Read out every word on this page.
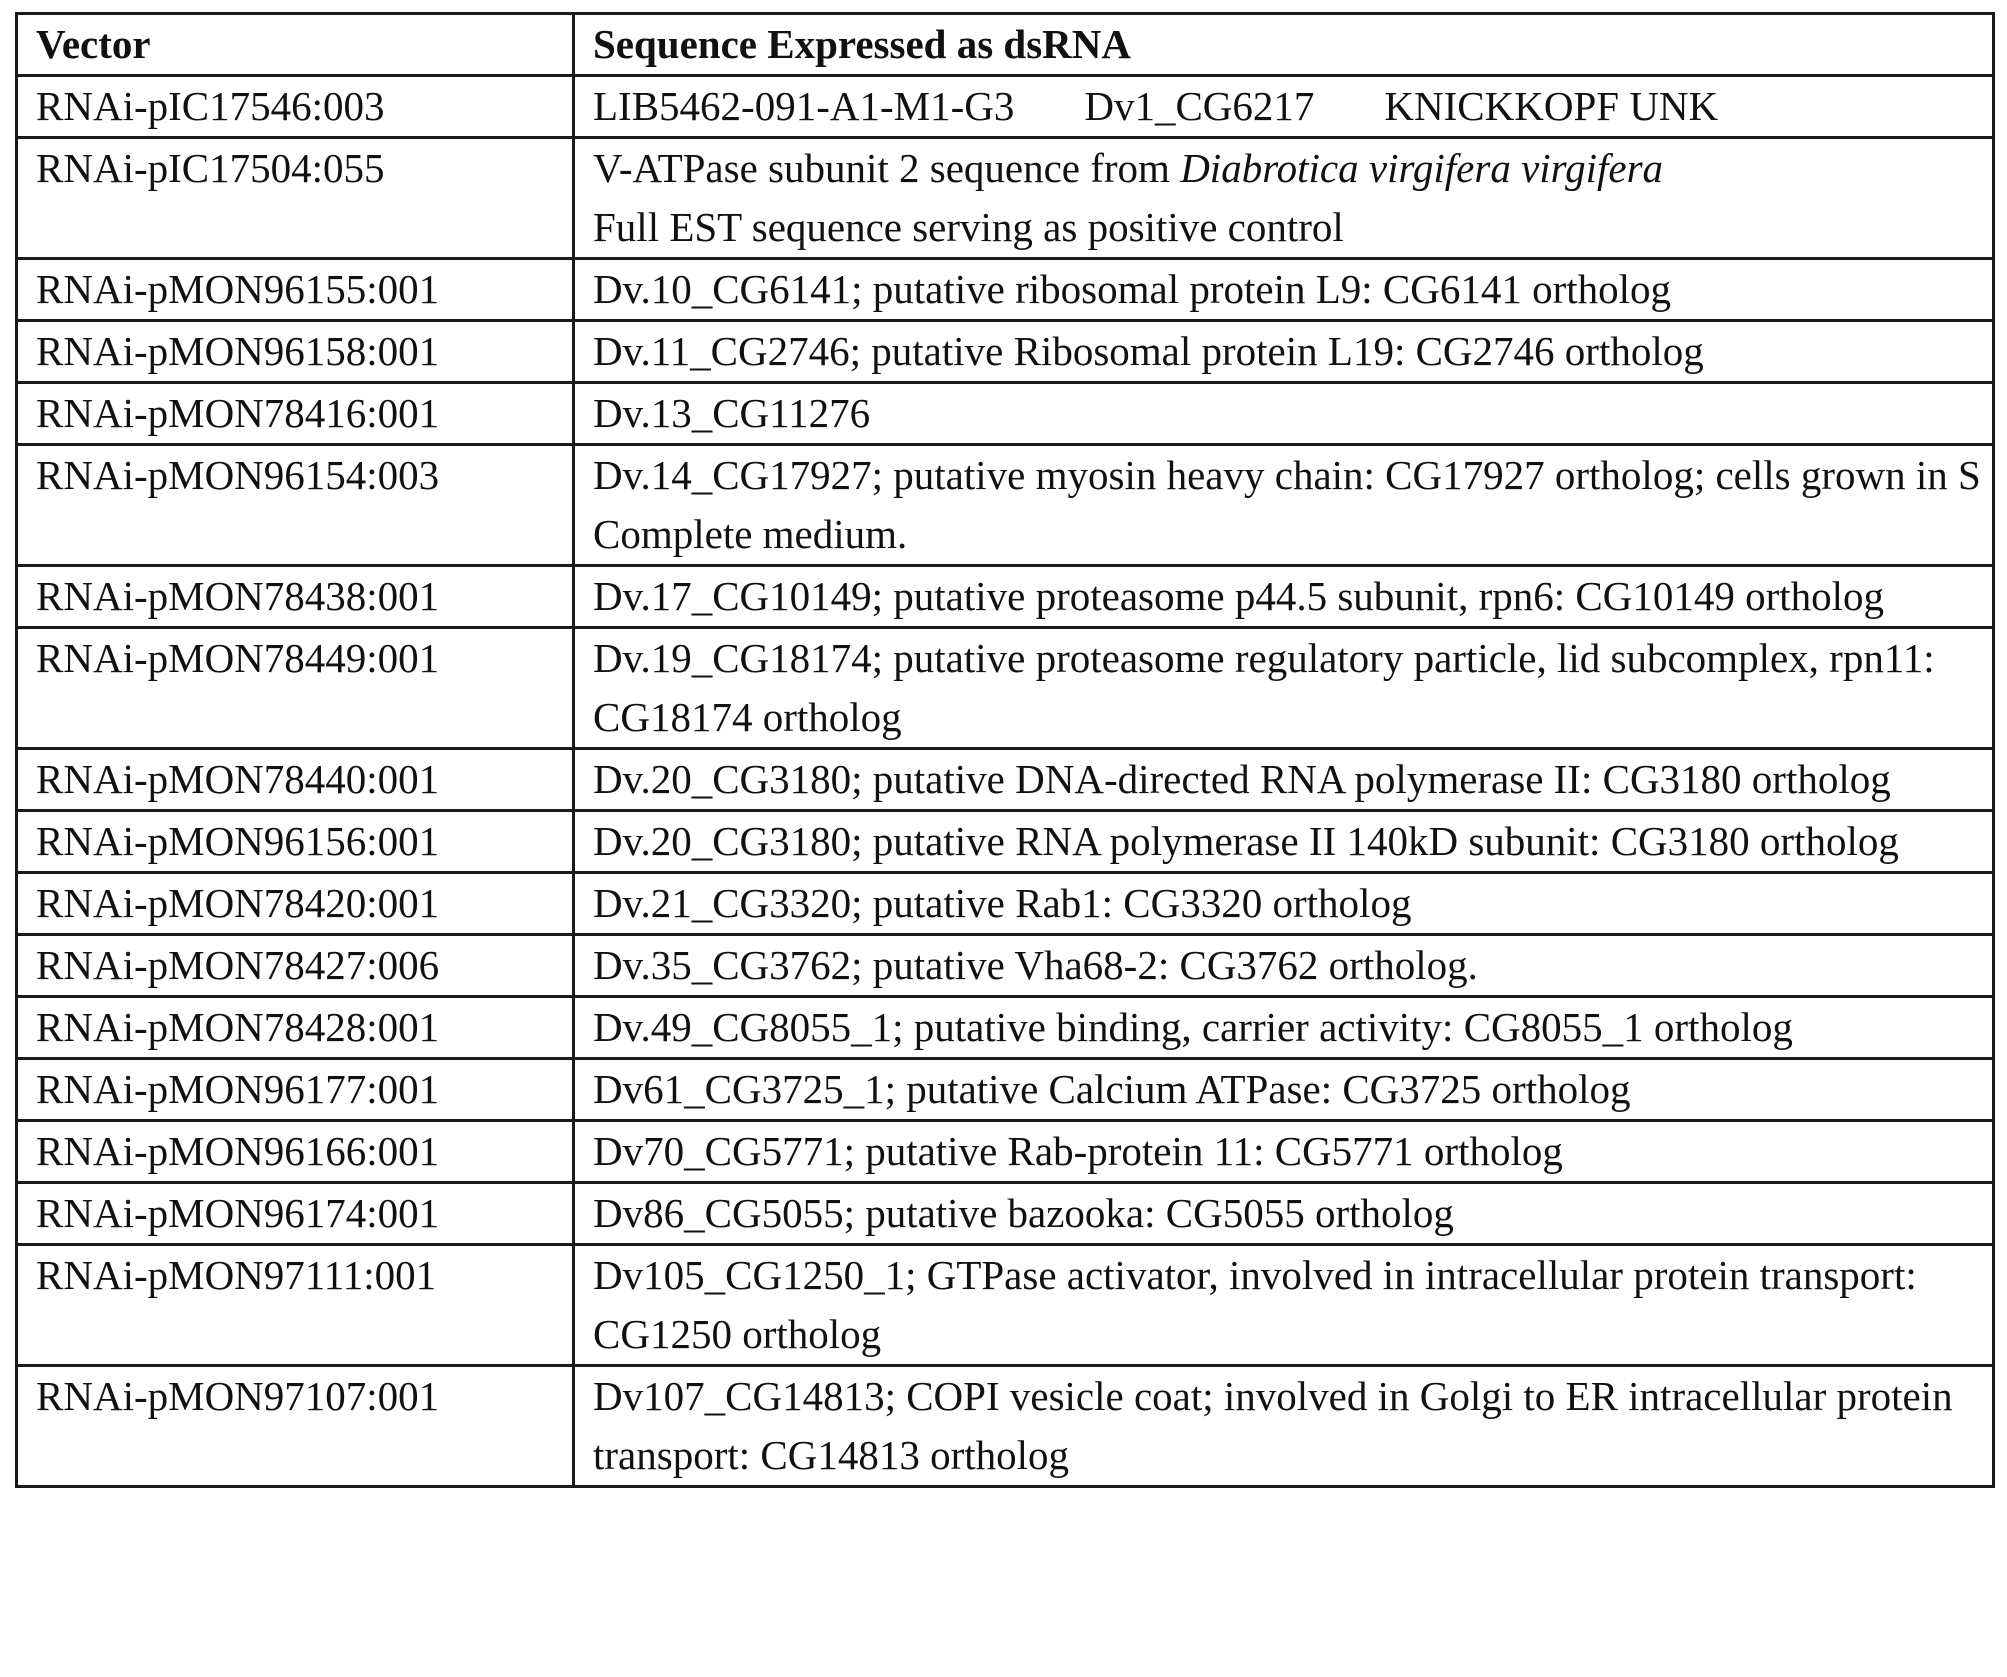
Vector	Sequence Expressed as dsRNA
RNAi-pIC17546:003	LIB5462-091-A1-M1-G3 Dv1_CG6217 KNICKKOPF UNK
RNAi-pIC17504:055	V-ATPase subunit 2 sequence from Diabrotica virgifera virgifera
Full EST sequence serving as positive control
RNAi-pMON96155:001	Dv.10_CG6141; putative ribosomal protein L9: CG6141 ortholog
RNAi-pMON96158:001	Dv.11_CG2746; putative Ribosomal protein L19: CG2746 ortholog
RNAi-pMON78416:001	Dv.13_CG11276
RNAi-pMON96154:003	Dv.14_CG17927; putative myosin heavy chain: CG17927 ortholog; cells grown in S Complete medium.
RNAi-pMON78438:001	Dv.17_CG10149; putative proteasome p44.5 subunit, rpn6: CG10149 ortholog
RNAi-pMON78449:001	Dv.19_CG18174; putative proteasome regulatory particle, lid subcomplex, rpn11: CG18174 ortholog
RNAi-pMON78440:001	Dv.20_CG3180; putative DNA-directed RNA polymerase II: CG3180 ortholog
RNAi-pMON96156:001	Dv.20_CG3180; putative RNA polymerase II 140kD subunit: CG3180 ortholog
RNAi-pMON78420:001	Dv.21_CG3320; putative Rab1: CG3320 ortholog
RNAi-pMON78427:006	Dv.35_CG3762; putative Vha68-2: CG3762 ortholog.
RNAi-pMON78428:001	Dv.49_CG8055_1; putative binding, carrier activity: CG8055_1 ortholog
RNAi-pMON96177:001	Dv61_CG3725_1; putative Calcium ATPase: CG3725 ortholog
RNAi-pMON96166:001	Dv70_CG5771; putative Rab-protein 11: CG5771 ortholog
RNAi-pMON96174:001	Dv86_CG5055; putative bazooka: CG5055 ortholog
RNAi-pMON97111:001	Dv105_CG1250_1; GTPase activator, involved in intracellular protein transport: CG1250 ortholog
RNAi-pMON97107:001	Dv107_CG14813; COPI vesicle coat; involved in Golgi to ER intracellular protein transport: CG14813 ortholog
